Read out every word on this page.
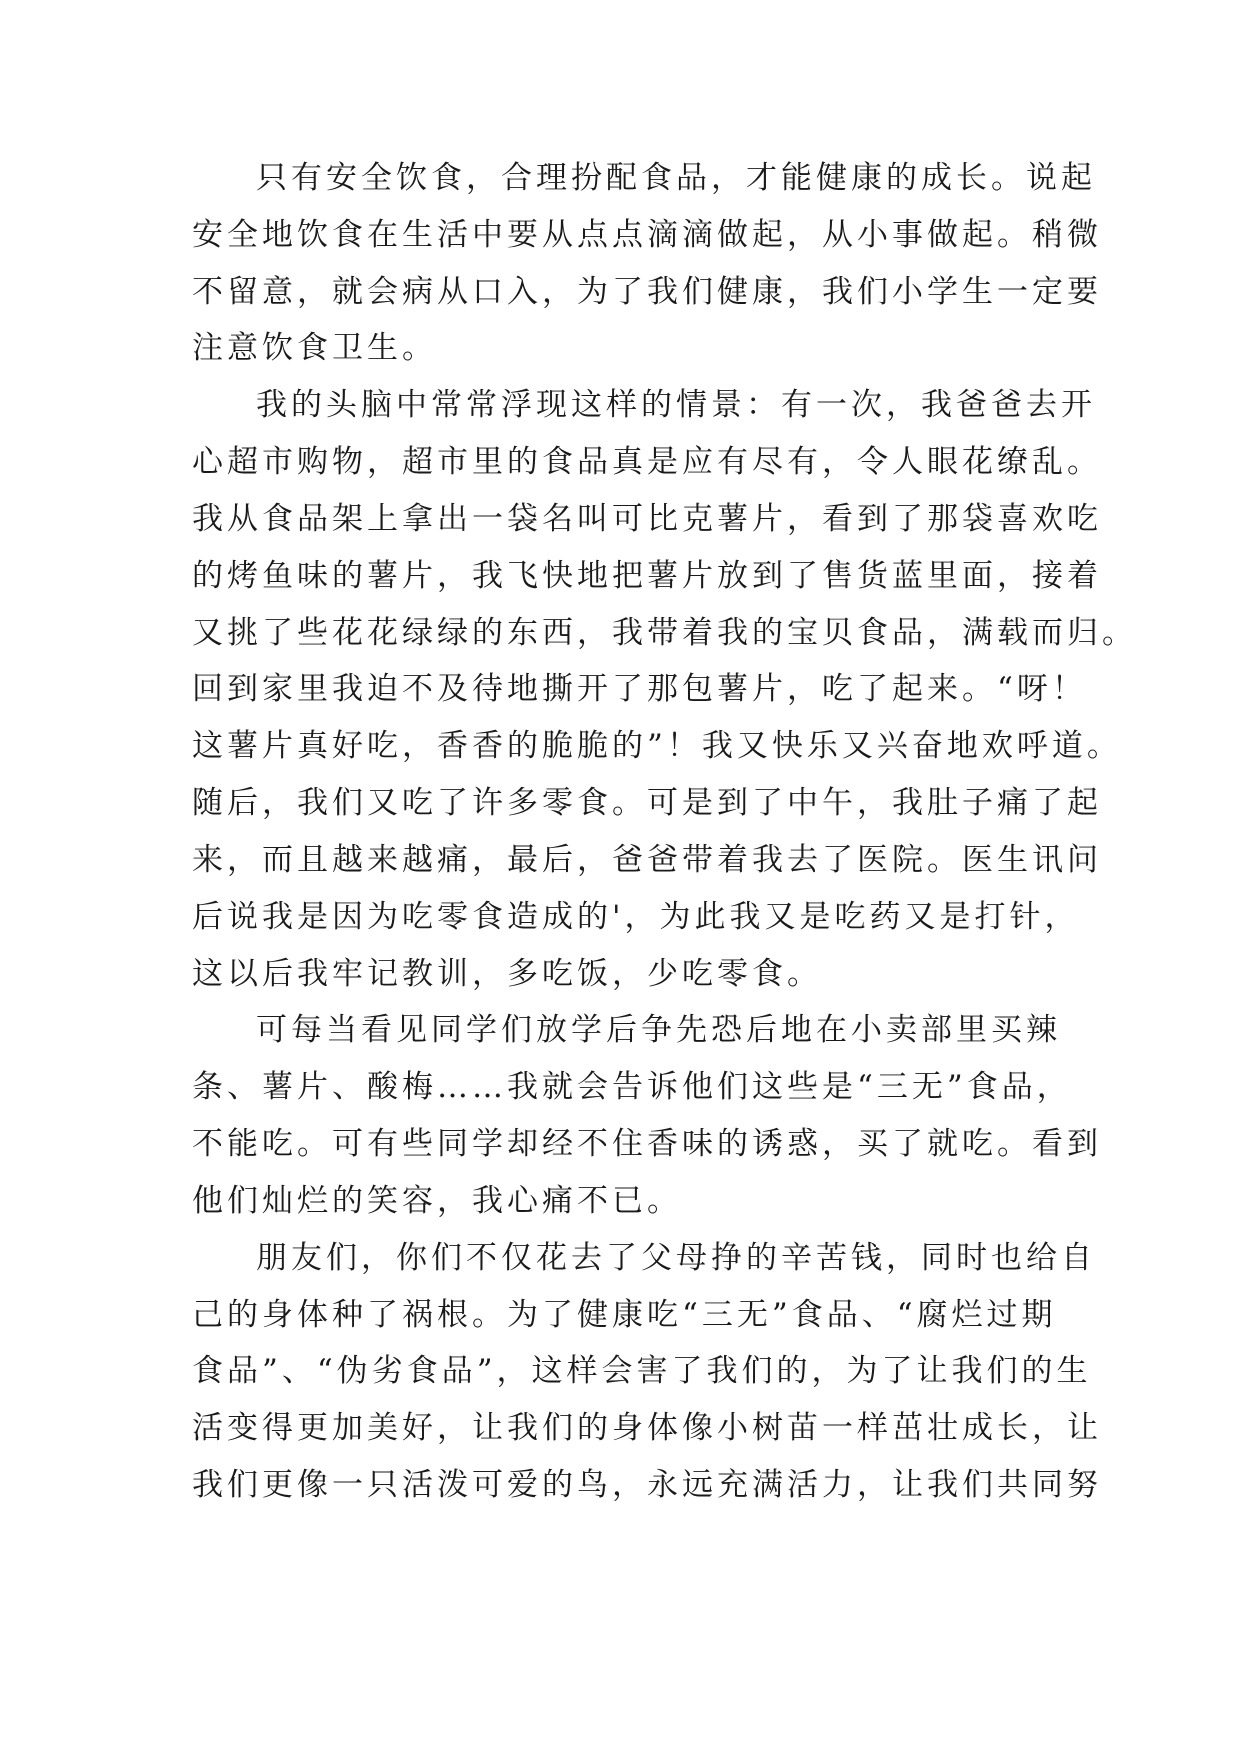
只有安全饮食，合理扮配食品，才能健康的成长。说起
安全地饮食在生活中要从点点滴滴做起，从小事做起。稍微
不留意，就会病从口入，为了我们健康，我们小学生一定要
注意饮食卫生。
我的头脑中常常浮现这样的情景：有一次，我爸爸去开
心超市购物，超市里的食品真是应有尽有，令人眼花缭乱。
我从食品架上拿出一袋名叫可比克薯片，看到了那袋喜欢吃
的烤鱼味的薯片，我飞快地把薯片放到了售货蓝里面，接着
又挑了些花花绿绿的东西，我带着我的宝贝食品，满载而归。
回到家里我迫不及待地撕开了那包薯片，吃了起来。“呀！
这薯片真好吃，香香的脆脆的”！我又快乐又兴奋地欢呼道。
随后，我们又吃了许多零食。可是到了中午，我肚子痛了起
来，而且越来越痛，最后，爸爸带着我去了医院。医生讯问
后说我是因为吃零食造成的'，为此我又是吃药又是打针，
这以后我牢记教训，多吃饭，少吃零食。
可每当看见同学们放学后争先恐后地在小卖部里买辣
条、薯片、酸梅……我就会告诉他们这些是“三无”食品，
不能吃。可有些同学却经不住香味的诱惑，买了就吃。看到
他们灿烂的笑容，我心痛不已。
朋友们，你们不仅花去了父母挣的辛苦钱，同时也给自
己的身体种了祸根。为了健康吃“三无”食品、“腐烂过期
食品”、“伪劣食品”，这样会害了我们的，为了让我们的生
活变得更加美好，让我们的身体像小树苗一样茁壮成长，让
我们更像一只活泼可爱的鸟，永远充满活力，让我们共同努
